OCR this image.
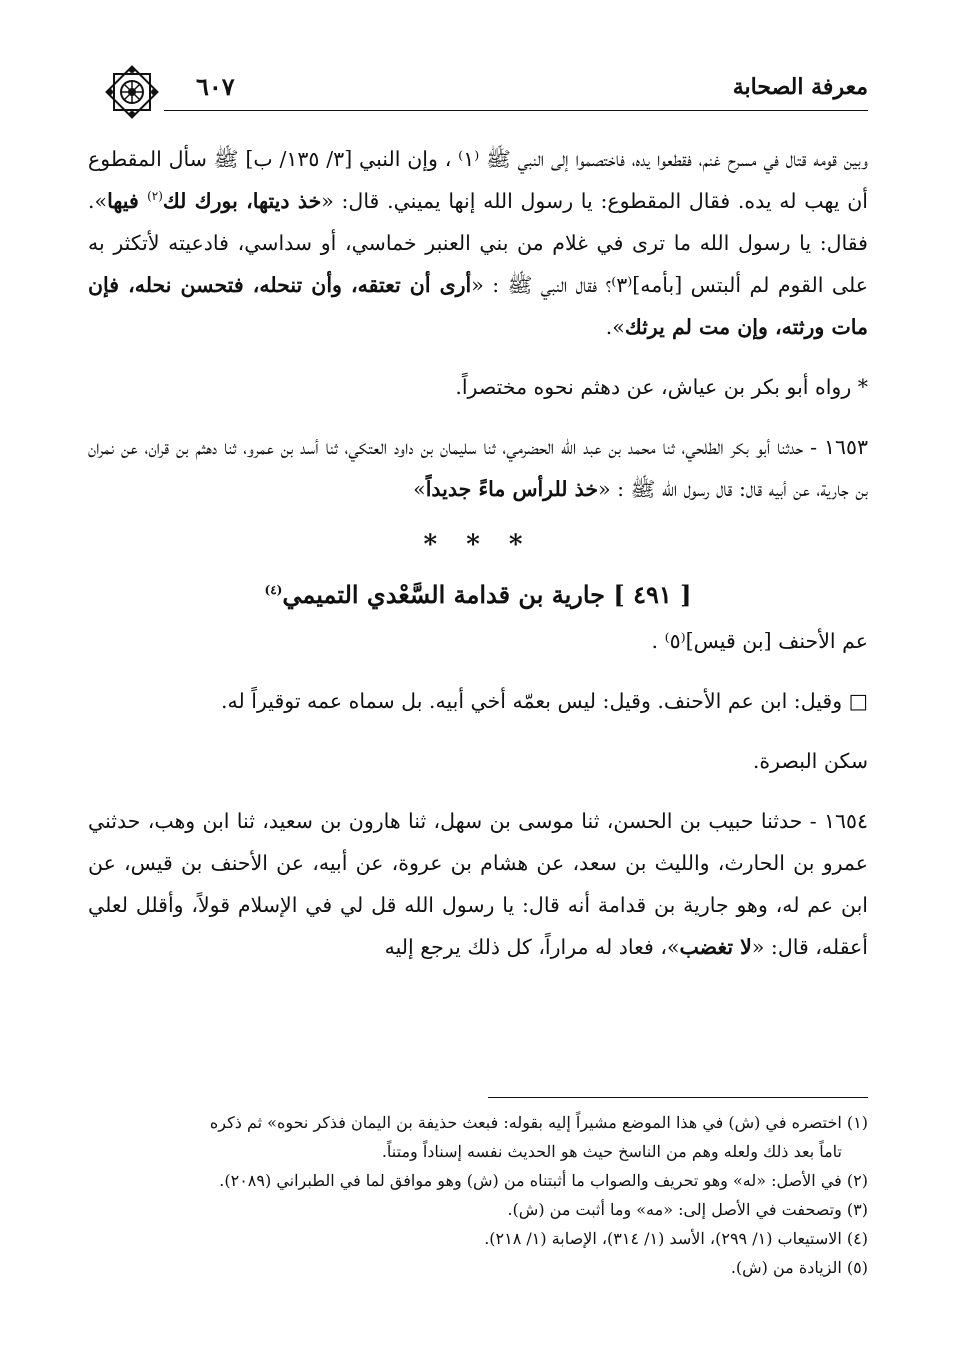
معرفة الصحابة
٦٠٧

وبين قومه قتال في مسرح غنم، فقطعوا يده، فاختصموا إلى النبي ﷺ ⁽١⁾ ، وإن النبي [٣/ ١٣٥/ ب] ﷺ سأل المقطوع أن يهب له يده. فقال المقطوع: يا رسول الله إنها يميني. قال: «خذ ديتها، بورك لك$^{(٢)}$ فيها». فقال: يا رسول الله ما ترى في غلام من بني العنبر خماسي، أو سداسي، فادعيته لأتكثر به على القوم لم ألبتس [بأمه]⁽٣⁾؟ فقال النبي ﷺ : «أرى أن تعتقه، وأن تنحله، فتحسن نحله، فإن مات ورثته، وإن مت لم يرثك».

* رواه أبو بكر بن عياش، عن دهثم نحوه مختصراً.

١٦٥٣ - حدثنا أبو بكر الطلحي، ثنا محمد بن عبد الله الحضرمي، ثنا سليمان بن داود العتكي، ثنا أسد بن عمرو، ثنا دهثم بن قران، عن نمران بن جارية، عن أبيه قال: قال رسول الله ﷺ : «خذ للرأس ماءً جديداً»

* * *
[ ٤٩١ ] جارية بن قدامة السَّعْدي التميمي$^{(٤)}$

عم الأحنف [بن قيس]⁽٥⁾ .

□ وقيل: ابن عم الأحنف. وقيل: ليس بعمّه أخي أبيه. بل سماه عمه توقيراً له.

سكن البصرة.

١٦٥٤ - حدثنا حبيب بن الحسن، ثنا موسى بن سهل، ثنا هارون بن سعيد، ثنا ابن وهب، حدثني عمرو بن الحارث، والليث بن سعد، عن هشام بن عروة، عن أبيه، عن الأحنف بن قيس، عن ابن عم له، وهو جارية بن قدامة أنه قال: يا رسول الله قل لي في الإسلام قولاً، وأقلل لعلي أعقله، قال: «لا تغضب»، فعاد له مراراً، كل ذلك يرجع إليه

(١) اختصره في (ش) في هذا الموضع مشيراً إليه بقوله: فبعث حذيفة بن اليمان فذكر نحوه» ثم ذكره

تاماً بعد ذلك ولعله وهم من الناسخ حيث هو الحديث نفسه إسناداً ومتناً.

(٢) في الأصل: «له» وهو تحريف والصواب ما أثبتناه من (ش) وهو موافق لما في الطبراني (٢٠٨٩).

(٣) وتصحفت في الأصل إلى: «مه» وما أثبت من (ش).

(٤) الاستيعاب (١/ ٢٩٩)، الأسد (١/ ٣١٤)، الإصابة (١/ ٢١٨).

(٥) الزيادة من (ش).
